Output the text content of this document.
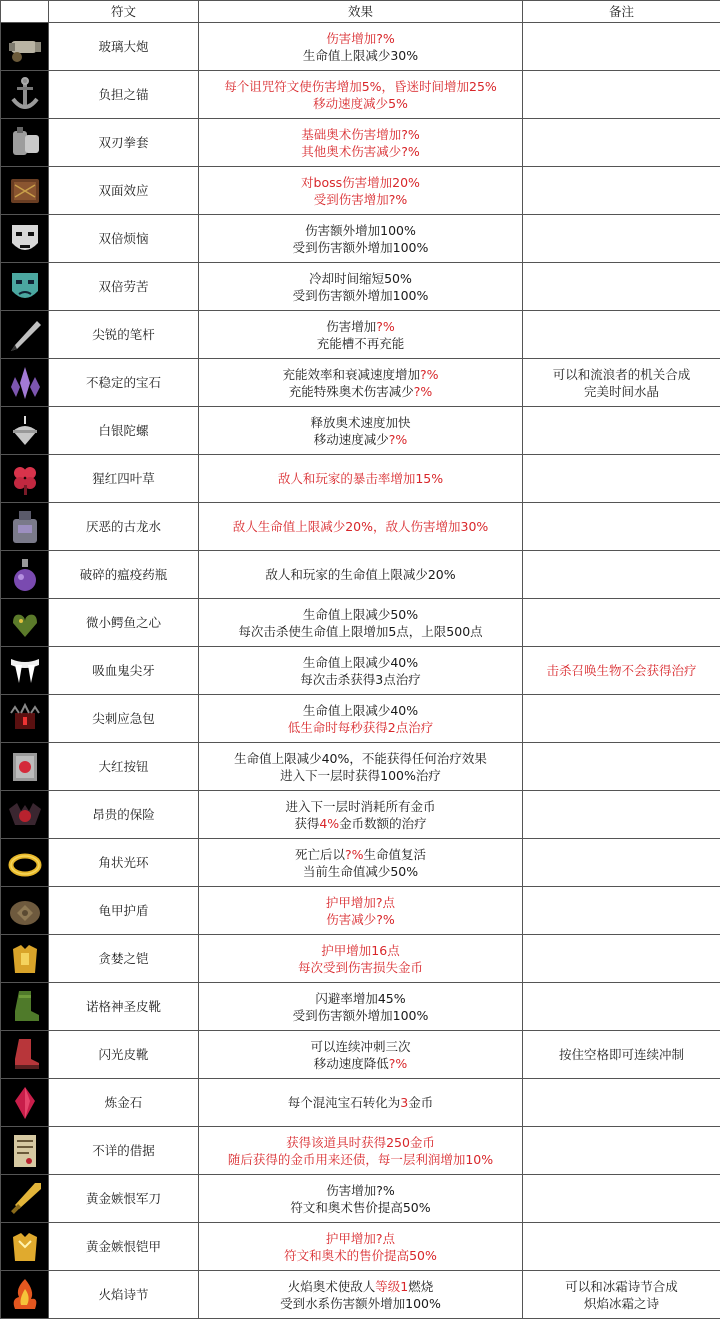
	符文	效果	备注

	玻璃大炮	伤害增加?%
生命值上限减少30%	

	负担之锚	每个诅咒符文使伤害增加5%，昏迷时间增加25%
移动速度减少5%	

	双刃拳套	基础奥术伤害增加?%
其他奥术伤害减少?%	

	双面效应	对boss伤害增加20%
受到伤害增加?%	

	双倍烦恼	伤害额外增加100%
受到伤害额外增加100%	

	双倍劳苦	冷却时间缩短50%
受到伤害额外增加100%	

	尖锐的笔杆	伤害增加?%
充能槽不再充能	

	不稳定的宝石	充能效率和衰减速度增加?%
充能特殊奥术伤害减少?%	可以和流浪者的机关合成
完美时间水晶

	白银陀螺	释放奥术速度加快
移动速度减少?%	

	猩红四叶草	敌人和玩家的暴击率增加15%	

	厌恶的古龙水	敌人生命值上限减少20%，敌人伤害增加30%	

	破碎的瘟疫药瓶	敌人和玩家的生命值上限减少20%	

	微小鳄鱼之心	生命值上限减少50%
每次击杀使生命值上限增加5点，上限500点	

	吸血鬼尖牙	生命值上限减少40%
每次击杀获得3点治疗	击杀召唤生物不会获得治疗

	尖刺应急包	生命值上限减少40%
低生命时每秒获得2点治疗	

	大红按钮	生命值上限减少40%，不能获得任何治疗效果
进入下一层时获得100%治疗	

	昂贵的保险	进入下一层时消耗所有金币
获得4%金币数额的治疗	

	角状光环	死亡后以?%生命值复活
当前生命值减少50%	

	龟甲护盾	护甲增加?点
伤害减少?%	

	贪婪之铠	护甲增加16点
每次受到伤害损失金币	

	诺格神圣皮靴	闪避率增加45%
受到伤害额外增加100%	

	闪光皮靴	可以连续冲刺三次
移动速度降低?%	按住空格即可连续冲制

	炼金石	每个混沌宝石转化为3金币	

	不详的借据	获得该道具时获得250金币
随后获得的金币用来还债，每一层利润增加10%	

	黄金嫉恨军刀	伤害增加?%
符文和奥术售价提高50%	

	黄金嫉恨铠甲	护甲增加?点
符文和奥术的售价提高50%	

	火焰诗节	火焰奥术使敌人等级1燃烧
受到水系伤害额外增加100%	可以和冰霜诗节合成
炽焰冰霜之诗
